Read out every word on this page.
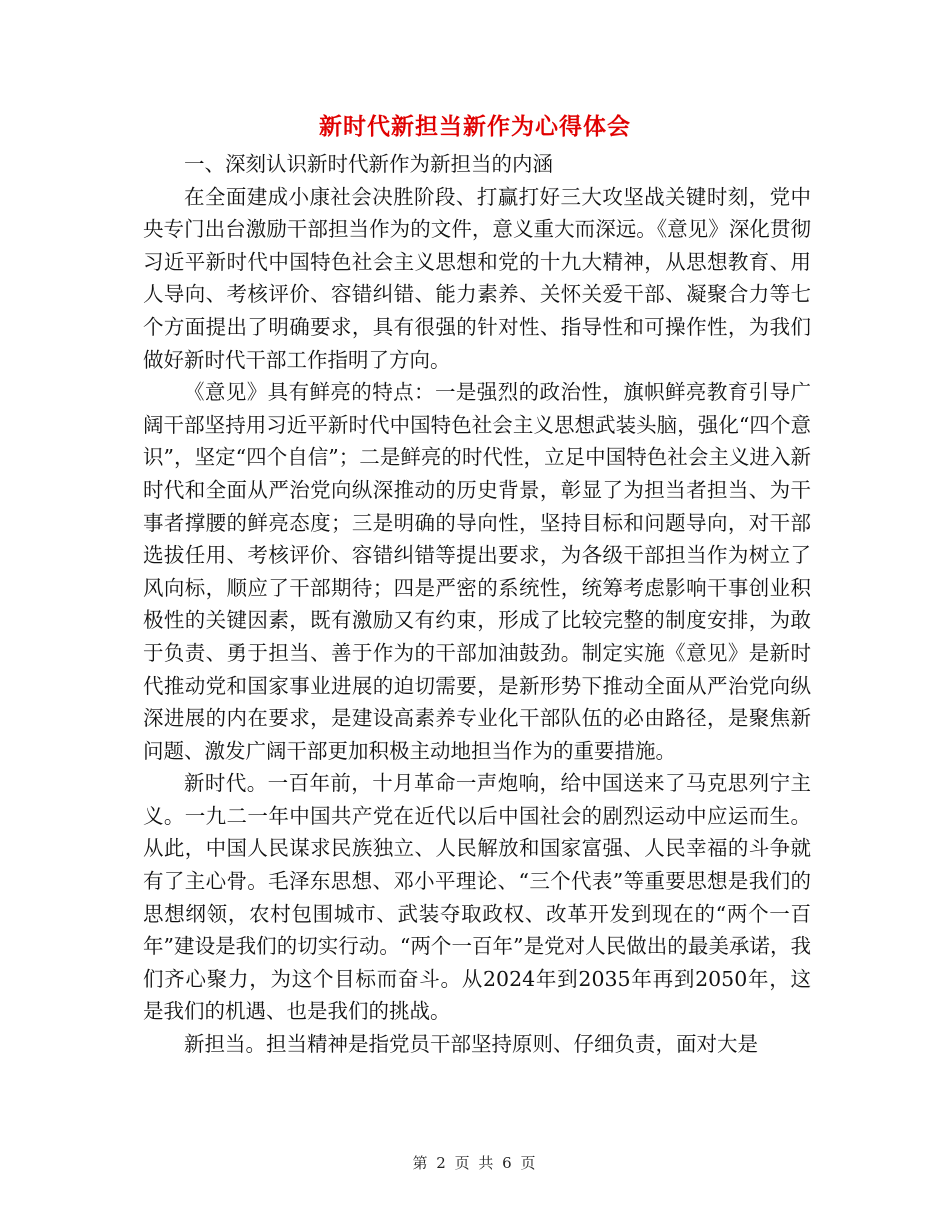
新时代新担当新作为心得体会

一、深刻认识新时代新作为新担当的内涵

在全面建成小康社会决胜阶段、打赢打好三大攻坚战关键时刻，党中央专门出台激励干部担当作为的文件，意义重大而深远。《意见》深化贯彻习近平新时代中国特色社会主义思想和党的十九大精神，从思想教育、用人导向、考核评价、容错纠错、能力素养、关怀关爱干部、凝聚合力等七个方面提出了明确要求，具有很强的针对性、指导性和可操作性，为我们做好新时代干部工作指明了方向。

《意见》具有鲜亮的特点：一是强烈的政治性，旗帜鲜亮教育引导广阔干部坚持用习近平新时代中国特色社会主义思想武装头脑，强化“四个意识”，坚定“四个自信”；二是鲜亮的时代性，立足中国特色社会主义进入新时代和全面从严治党向纵深推动的历史背景，彰显了为担当者担当、为干事者撑腰的鲜亮态度；三是明确的导向性，坚持目标和问题导向，对干部选拔任用、考核评价、容错纠错等提出要求，为各级干部担当作为树立了风向标，顺应了干部期待；四是严密的系统性，统筹考虑影响干事创业积极性的关键因素，既有激励又有约束，形成了比较完整的制度安排，为敢于负责、勇于担当、善于作为的干部加油鼓劲。制定实施《意见》是新时代推动党和国家事业进展的迫切需要，是新形势下推动全面从严治党向纵深进展的内在要求，是建设高素养专业化干部队伍的必由路径，是聚焦新问题、激发广阔干部更加积极主动地担当作为的重要措施。

新时代。一百年前，十月革命一声炮响，给中国送来了马克思列宁主义。一九二一年中国共产党在近代以后中国社会的剧烈运动中应运而生。从此，中国人民谋求民族独立、人民解放和国家富强、人民幸福的斗争就有了主心骨。毛泽东思想、邓小平理论、“三个代表”等重要思想是我们的思想纲领，农村包围城市、武装夺取政权、改革开发到现在的“两个一百年”建设是我们的切实行动。“两个一百年”是党对人民做出的最美承诺，我们齐心聚力，为这个目标而奋斗。从2024年到2035年再到2050年，这是我们的机遇、也是我们的挑战。

新担当。担当精神是指党员干部坚持原则、仔细负责，面对大是

第 2 页 共 6 页
